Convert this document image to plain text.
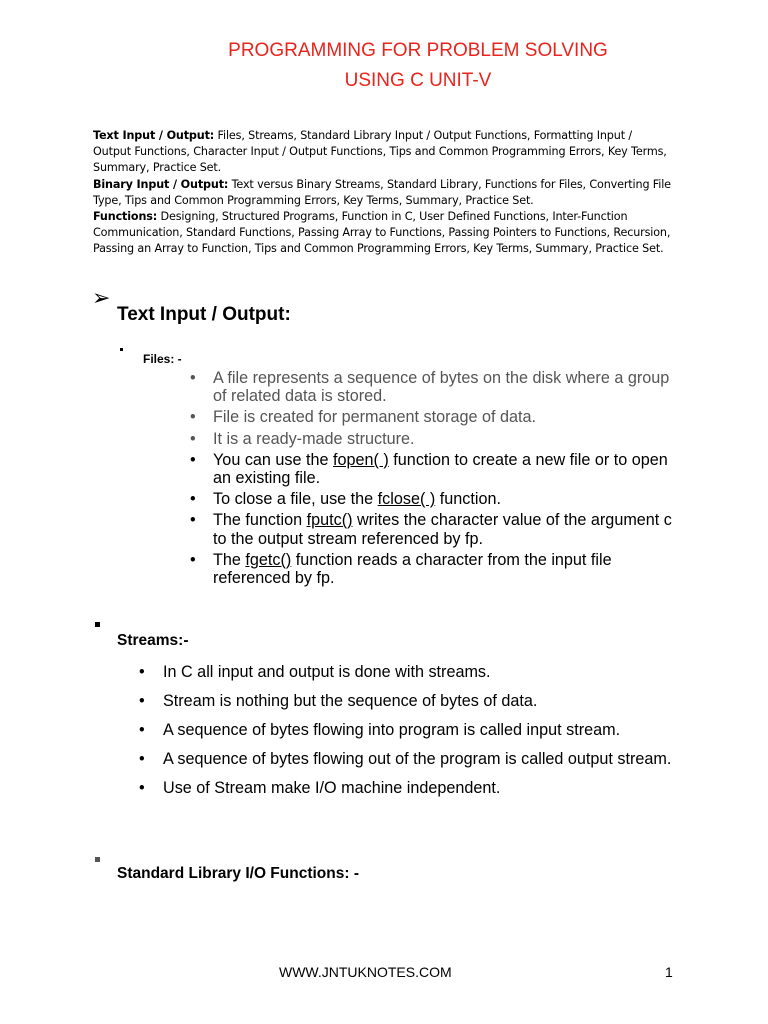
PROGRAMMING FOR PROBLEM SOLVING
USING C UNIT-V
Text Input / Output: Files, Streams, Standard Library Input / Output Functions, Formatting Input / Output Functions, Character Input / Output Functions, Tips and Common Programming Errors, Key Terms, Summary, Practice Set.
Binary Input / Output: Text versus Binary Streams, Standard Library, Functions for Files, Converting File Type, Tips and Common Programming Errors, Key Terms, Summary, Practice Set.
Functions: Designing, Structured Programs, Function in C, User Defined Functions, Inter-Function Communication, Standard Functions, Passing Array to Functions, Passing Pointers to Functions, Recursion, Passing an Array to Function, Tips and Common Programming Errors, Key Terms, Summary, Practice Set.
➢
Text Input / Output:
Files: -
• A file represents a sequence of bytes on the disk where a group of related data is stored.
• File is created for permanent storage of data.
• It is a ready-made structure.
• You can use the fopen( ) function to create a new file or to open an existing file.
• To close a file, use the fclose( ) function.
• The function fputc() writes the character value of the argument c to the output stream referenced by fp.
• The fgetc() function reads a character from the input file referenced by fp.
Streams:-
• In C all input and output is done with streams.
• Stream is nothing but the sequence of bytes of data.
• A sequence of bytes flowing into program is called input stream.
• A sequence of bytes flowing out of the program is called output stream.
• Use of Stream make I/O machine independent.
Standard Library I/O Functions: -
WWW.JNTUKNOTES.COM	1
